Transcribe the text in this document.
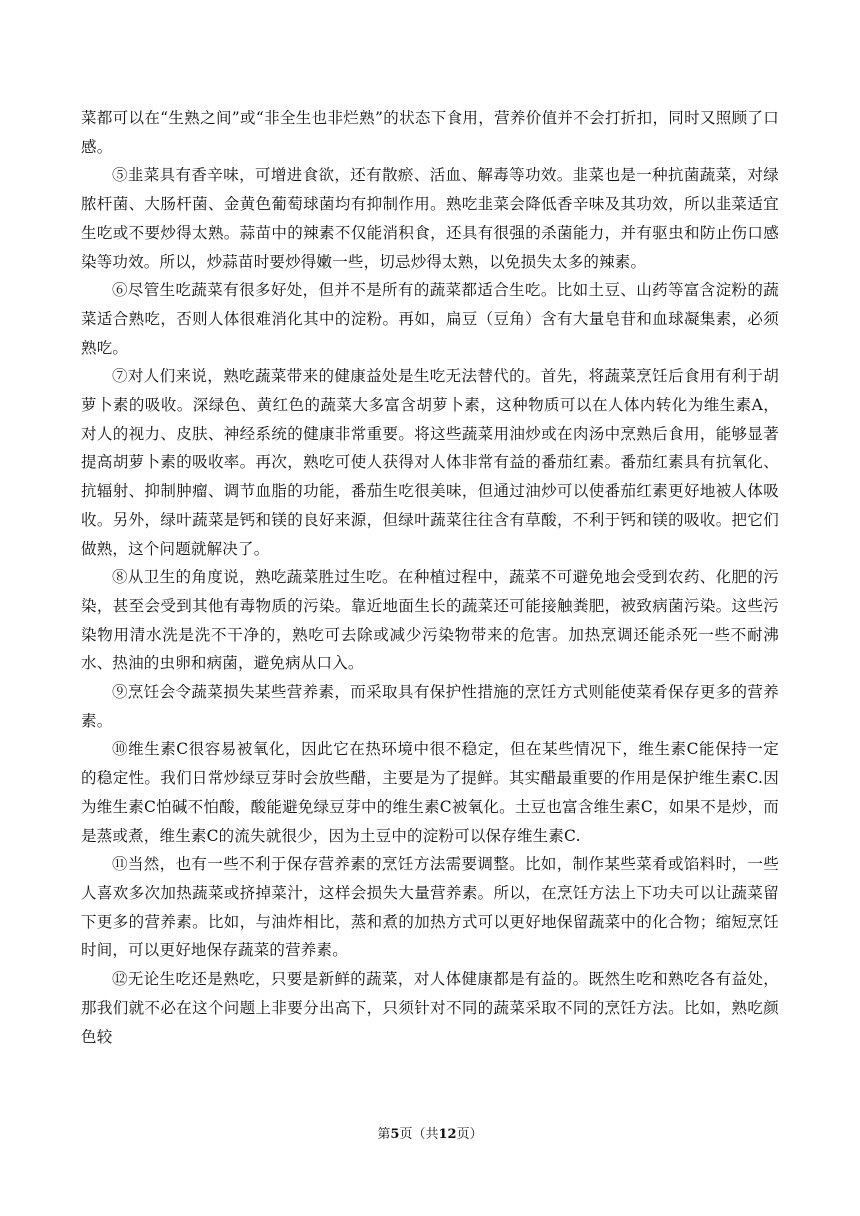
菜都可以在“生熟之间”或“非全生也非烂熟”的状态下食用，营养价值并不会打折扣，同时又照顾了口感。

⑤韭菜具有香辛味，可增进食欲，还有散瘀、活血、解毒等功效。韭菜也是一种抗菌蔬菜，对绿脓杆菌、大肠杆菌、金黄色葡萄球菌均有抑制作用。熟吃韭菜会降低香辛味及其功效，所以韭菜适宜生吃或不要炒得太熟。蒜苗中的辣素不仅能消积食，还具有很强的杀菌能力，并有驱虫和防止伤口感染等功效。所以，炒蒜苗时要炒得嫩一些，切忌炒得太熟，以免损失太多的辣素。

⑥尽管生吃蔬菜有很多好处，但并不是所有的蔬菜都适合生吃。比如土豆、山药等富含淀粉的蔬菜适合熟吃，否则人体很难消化其中的淀粉。再如，扁豆（豆角）含有大量皂苷和血球凝集素，必须熟吃。

⑦对人们来说，熟吃蔬菜带来的健康益处是生吃无法替代的。首先，将蔬菜烹饪后食用有利于胡萝卜素的吸收。深绿色、黄红色的蔬菜大多富含胡萝卜素，这种物质可以在人体内转化为维生素A，对人的视力、皮肤、神经系统的健康非常重要。将这些蔬菜用油炒或在肉汤中烹熟后食用，能够显著提高胡萝卜素的吸收率。再次，熟吃可使人获得对人体非常有益的番茄红素。番茄红素具有抗氧化、抗辐射、抑制肿瘤、调节血脂的功能，番茄生吃很美味，但通过油炒可以使番茄红素更好地被人体吸收。另外，绿叶蔬菜是钙和镁的良好来源，但绿叶蔬菜往往含有草酸，不利于钙和镁的吸收。把它们做熟，这个问题就解决了。

⑧从卫生的角度说，熟吃蔬菜胜过生吃。在种植过程中，蔬菜不可避免地会受到农药、化肥的污染，甚至会受到其他有毒物质的污染。靠近地面生长的蔬菜还可能接触粪肥，被致病菌污染。这些污染物用清水洗是洗不干净的，熟吃可去除或减少污染物带来的危害。加热烹调还能杀死一些不耐沸水、热油的虫卵和病菌，避免病从口入。

⑨烹饪会令蔬菜损失某些营养素，而采取具有保护性措施的烹饪方式则能使菜肴保存更多的营养素。

⑩维生素C很容易被氧化，因此它在热环境中很不稳定，但在某些情况下，维生素C能保持一定的稳定性。我们日常炒绿豆芽时会放些醋，主要是为了提鲜。其实醋最重要的作用是保护维生素C.因为维生素C怕碱不怕酸，酸能避免绿豆芽中的维生素C被氧化。土豆也富含维生素C，如果不是炒，而是蒸或煮，维生素C的流失就很少，因为土豆中的淀粉可以保存维生素C.

⑪当然，也有一些不利于保存营养素的烹饪方法需要调整。比如，制作某些菜肴或馅料时，一些人喜欢多次加热蔬菜或挤掉菜汁，这样会损失大量营养素。所以，在烹饪方法上下功夫可以让蔬菜留下更多的营养素。比如，与油炸相比，蒸和煮的加热方式可以更好地保留蔬菜中的化合物；缩短烹饪时间，可以更好地保存蔬菜的营养素。

⑫无论生吃还是熟吃，只要是新鲜的蔬菜，对人体健康都是有益的。既然生吃和熟吃各有益处，那我们就不必在这个问题上非要分出高下，只须针对不同的蔬菜采取不同的烹饪方法。比如，熟吃颜色较

第5页（共12页）
